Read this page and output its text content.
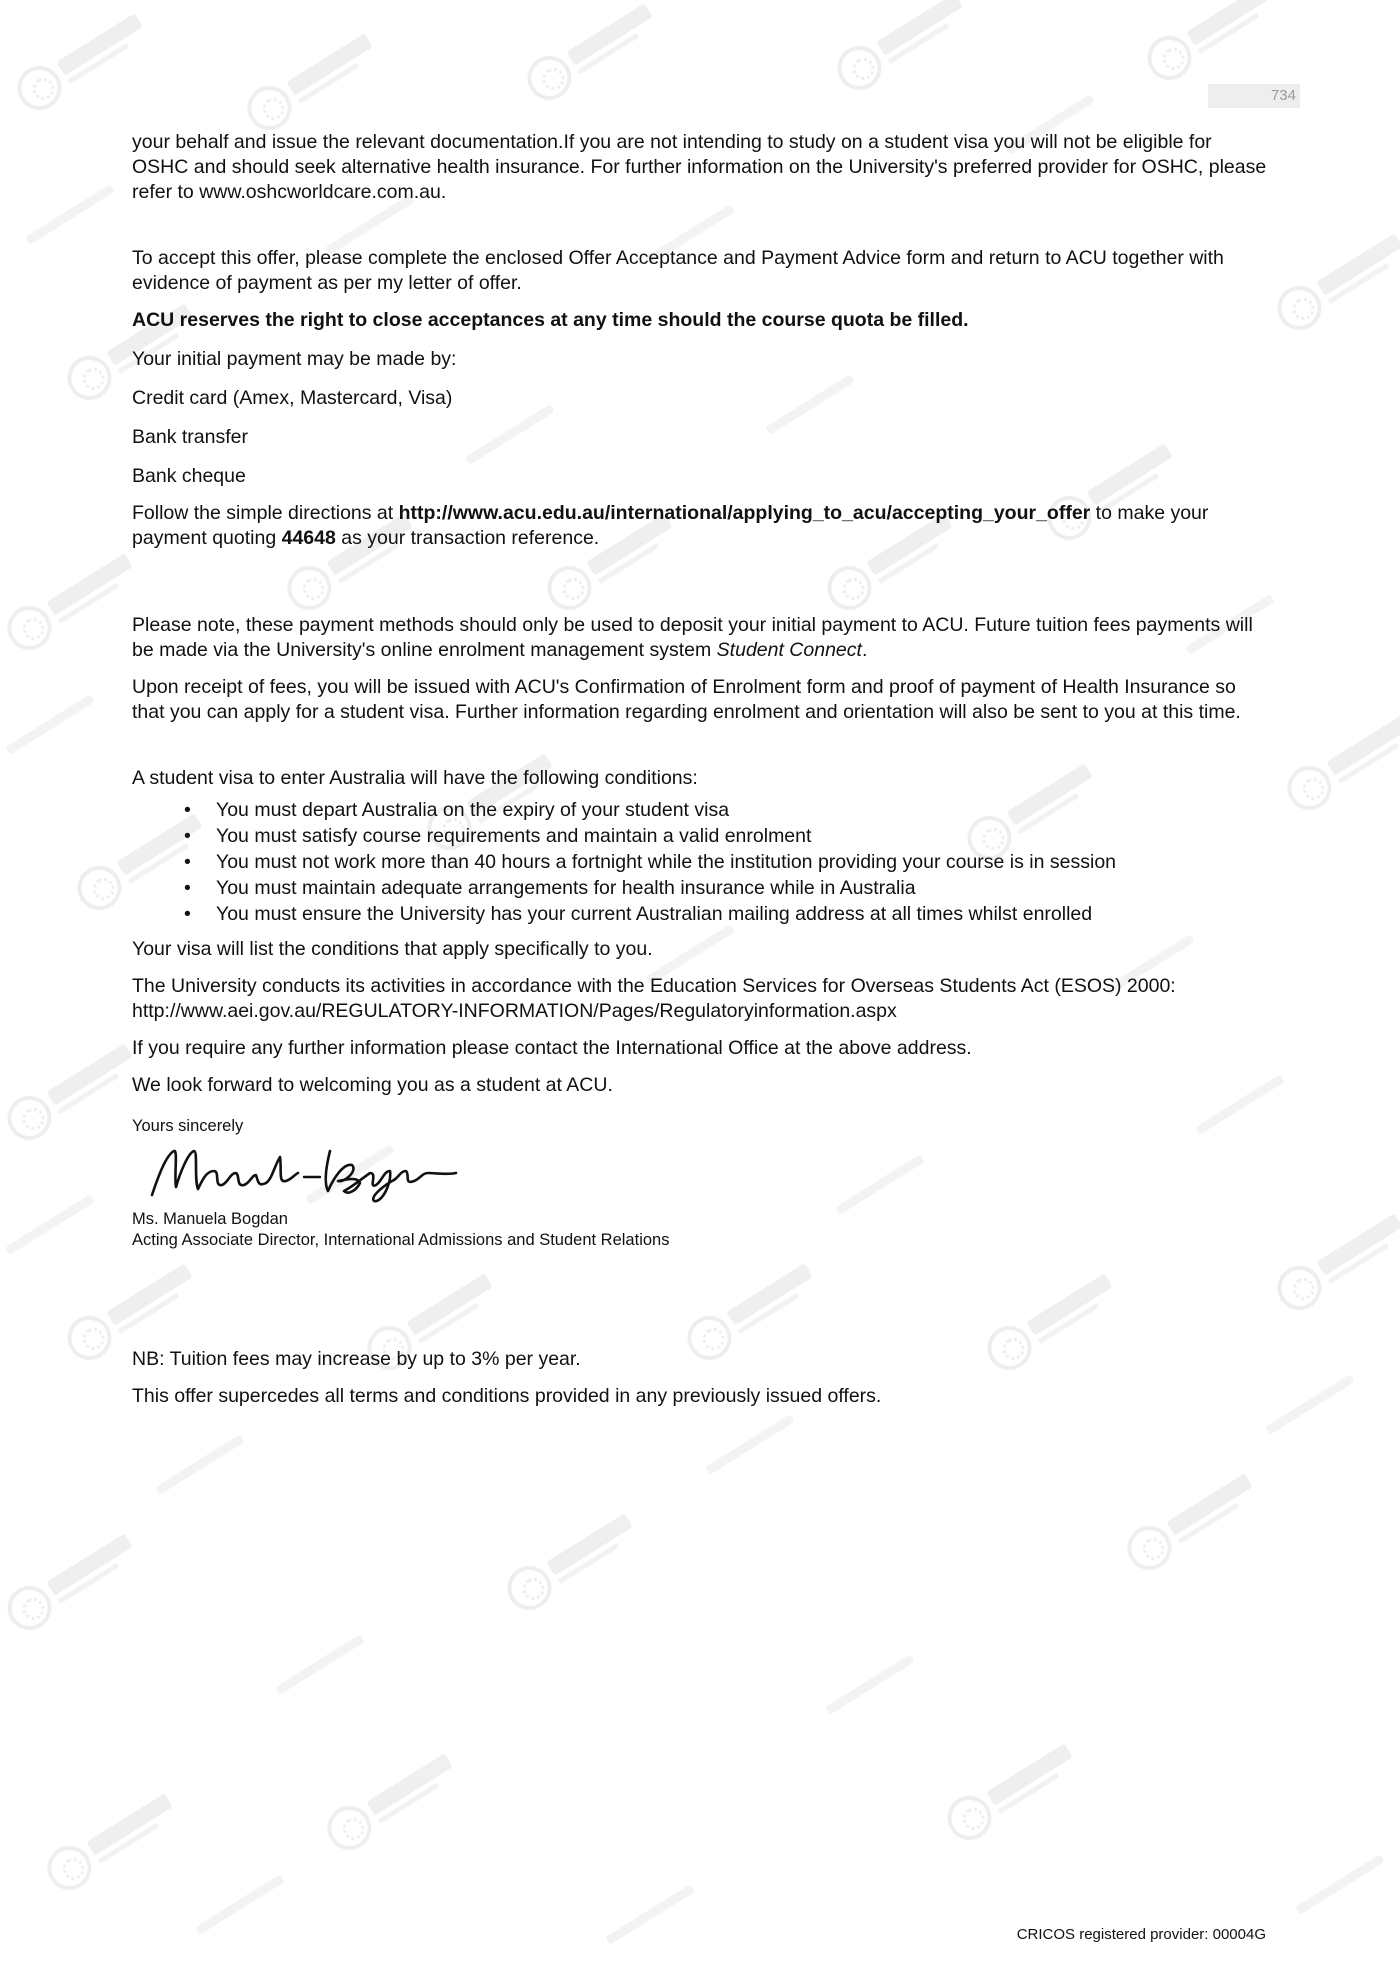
734

your behalf and issue the relevant documentation.If you are not intending to study on a student visa you will not be eligible for OSHC and should seek alternative health insurance. For further information on the University's preferred provider for OSHC, please refer to www.oshcworldcare.com.au.

To accept this offer, please complete the enclosed Offer Acceptance and Payment Advice form and return to ACU together with evidence of payment as per my letter of offer.

ACU reserves the right to close acceptances at any time should the course quota be filled.

Your initial payment may be made by:

Credit card (Amex, Mastercard, Visa)

Bank transfer

Bank cheque

Follow the simple directions at http://www.acu.edu.au/international/applying_to_acu/accepting_your_offer to make your payment quoting 44648 as your transaction reference.

Please note, these payment methods should only be used to deposit your initial payment to ACU. Future tuition fees payments will be made via the University's online enrolment management system Student Connect.

Upon receipt of fees, you will be issued with ACU's Confirmation of Enrolment form and proof of payment of Health Insurance so that you can apply for a student visa. Further information regarding enrolment and orientation will also be sent to you at this time.

A student visa to enter Australia will have the following conditions:

• You must depart Australia on the expiry of your student visa
• You must satisfy course requirements and maintain a valid enrolment
• You must not work more than 40 hours a fortnight while the institution providing your course is in session
• You must maintain adequate arrangements for health insurance while in Australia
• You must ensure the University has your current Australian mailing address at all times whilst enrolled

Your visa will list the conditions that apply specifically to you.

The University conducts its activities in accordance with the Education Services for Overseas Students Act (ESOS) 2000: http://www.aei.gov.au/REGULATORY-INFORMATION/Pages/Regulatoryinformation.aspx

If you require any further information please contact the International Office at the above address.

We look forward to welcoming you as a student at ACU.

Yours sincerely

Ms. Manuela Bogdan

Acting Associate Director, International Admissions and Student Relations

NB: Tuition fees may increase by up to 3% per year.

This offer supercedes all terms and conditions provided in any previously issued offers.

CRICOS registered provider: 00004G
